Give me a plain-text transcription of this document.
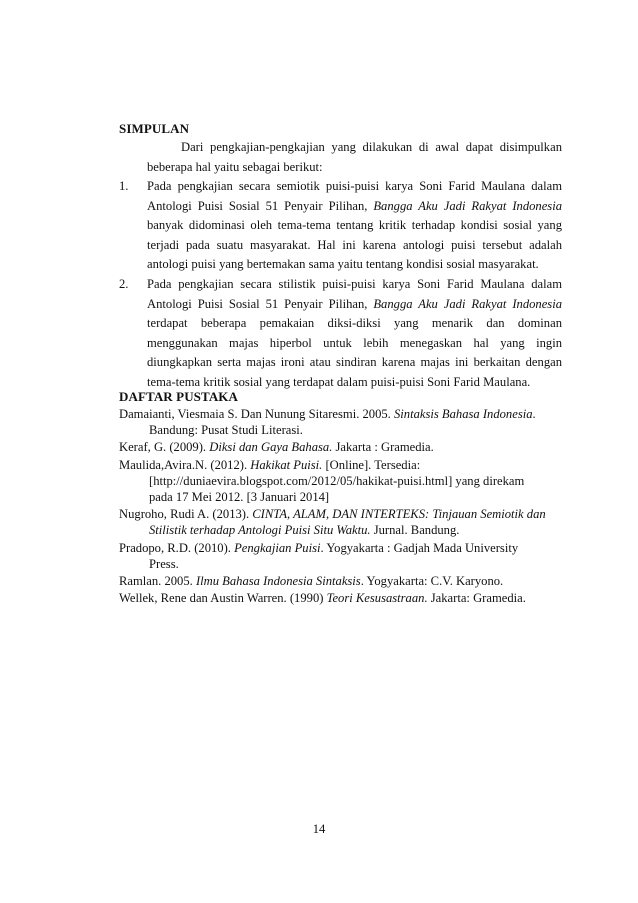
SIMPULAN
Dari pengkajian-pengkajian yang dilakukan di awal dapat disimpulkan beberapa hal yaitu sebagai berikut:
1.	Pada pengkajian secara semiotik puisi-puisi karya Soni Farid Maulana dalam Antologi Puisi Sosial 51 Penyair Pilihan, Bangga Aku Jadi Rakyat Indonesia banyak didominasi oleh tema-tema tentang kritik terhadap kondisi sosial yang terjadi pada suatu masyarakat. Hal ini karena antologi puisi tersebut adalah antologi puisi yang bertemakan sama yaitu tentang kondisi sosial masyarakat.
2.	Pada pengkajian secara stilistik puisi-puisi karya Soni Farid Maulana dalam Antologi Puisi Sosial 51 Penyair Pilihan, Bangga Aku Jadi Rakyat Indonesia terdapat beberapa pemakaian diksi-diksi yang menarik dan dominan menggunakan majas hiperbol untuk lebih menegaskan hal yang ingin diungkapkan serta majas ironi atau sindiran karena majas ini berkaitan dengan tema-tema kritik sosial yang terdapat dalam puisi-puisi Soni Farid Maulana.
DAFTAR PUSTAKA
Damaianti, Viesmaia S. Dan Nunung Sitaresmi. 2005. Sintaksis Bahasa Indonesia. Bandung: Pusat Studi Literasi.
Keraf, G. (2009). Diksi dan Gaya Bahasa. Jakarta : Gramedia.
Maulida,Avira.N. (2012). Hakikat Puisi. [Online]. Tersedia: [http://duniaevira.blogspot.com/2012/05/hakikat-puisi.html] yang direkam pada 17 Mei 2012. [3 Januari 2014]
Nugroho, Rudi A. (2013). CINTA, ALAM, DAN INTERTEKS: Tinjauan Semiotik dan Stilistik terhadap Antologi Puisi Situ Waktu. Jurnal. Bandung.
Pradopo, R.D. (2010). Pengkajian Puisi. Yogyakarta : Gadjah Mada University Press.
Ramlan. 2005. Ilmu Bahasa Indonesia Sintaksis. Yogyakarta: C.V. Karyono.
Wellek, Rene dan Austin Warren. (1990) Teori Kesusastraan. Jakarta: Gramedia.
14
